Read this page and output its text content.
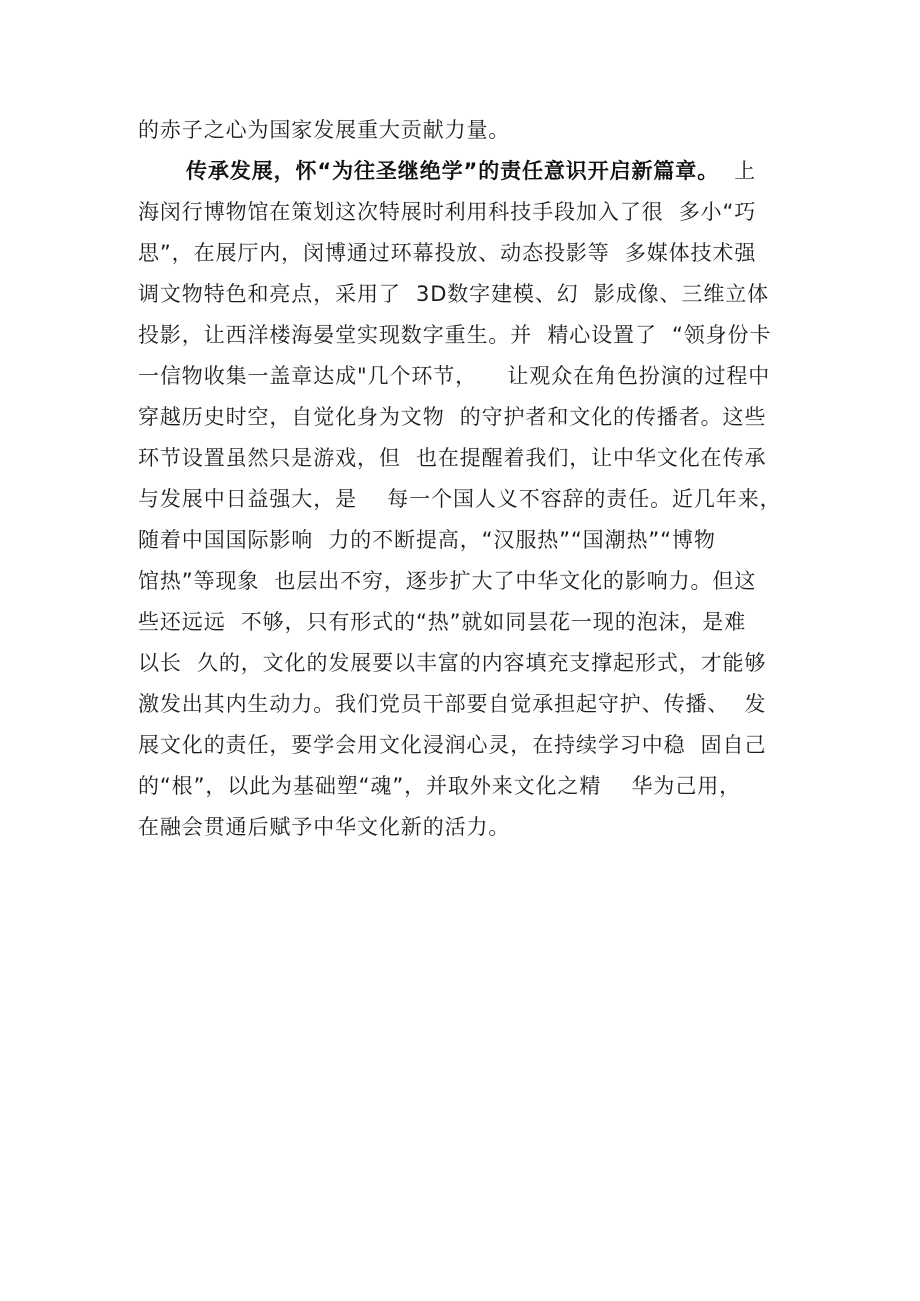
的赤子之心为国家发展重大贡献力量。
传承发展，怀“为往圣继绝学”的责任意识开启新篇章。 上
海闵行博物馆在策划这次特展时利用科技手段加入了很  多小“巧
思”，在展厅内，闵博通过环幕投放、动态投影等  多媒体技术强
调文物特色和亮点，采用了  3D数字建模、幻  影成像、三维立体
投影，让西洋楼海晏堂实现数字重生。并  精心设置了  “领身份卡
一信物收集一盖章达成"几个环节，    让观众在角色扮演的过程中
穿越历史时空，自觉化身为文物  的守护者和文化的传播者。这些
环节设置虽然只是游戏，但  也在提醒着我们，让中华文化在传承
与发展中日益强大，是    每一个国人义不容辞的责任。近几年来，
随着中国国际影响  力的不断提高，“汉服热”“国潮热”“博物
馆热”等现象  也层出不穷，逐步扩大了中华文化的影响力。但这
些还远远  不够，只有形式的“热”就如同昙花一现的泡沫，是难
以长  久的，文化的发展要以丰富的内容填充支撑起形式，才能够
激发出其内生动力。我们党员干部要自觉承担起守护、传播、  发
展文化的责任，要学会用文化浸润心灵，在持续学习中稳  固自己
的“根”，以此为基础塑“魂”，并取外来文化之精    华为己用，
在融会贯通后赋予中华文化新的活力。
